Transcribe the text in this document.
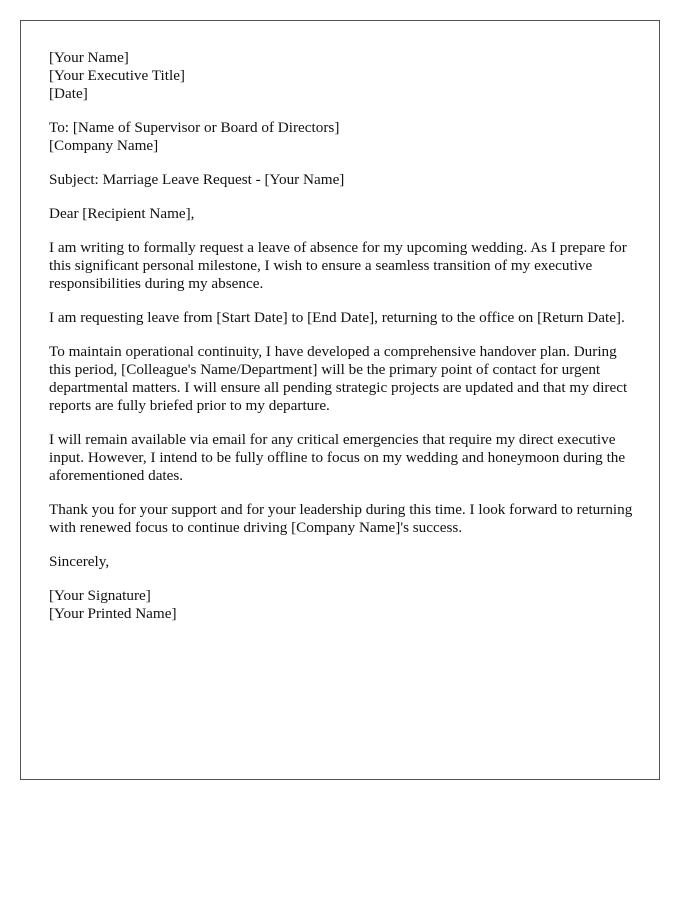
[Your Name]
[Your Executive Title]
[Date]
To: [Name of Supervisor or Board of Directors]
[Company Name]
Subject: Marriage Leave Request - [Your Name]
Dear [Recipient Name],

I am writing to formally request a leave of absence for my upcoming wedding. As I prepare for this significant personal milestone, I wish to ensure a seamless transition of my executive responsibilities during my absence.

I am requesting leave from [Start Date] to [End Date], returning to the office on [Return Date].

To maintain operational continuity, I have developed a comprehensive handover plan. During this period, [Colleague's Name/Department] will be the primary point of contact for urgent departmental matters. I will ensure all pending strategic projects are updated and that my direct reports are fully briefed prior to my departure.

I will remain available via email for any critical emergencies that require my direct executive input. However, I intend to be fully offline to focus on my wedding and honeymoon during the aforementioned dates.

Thank you for your support and for your leadership during this time. I look forward to returning with renewed focus to continue driving [Company Name]'s success.

Sincerely,
[Your Signature]
[Your Printed Name]
